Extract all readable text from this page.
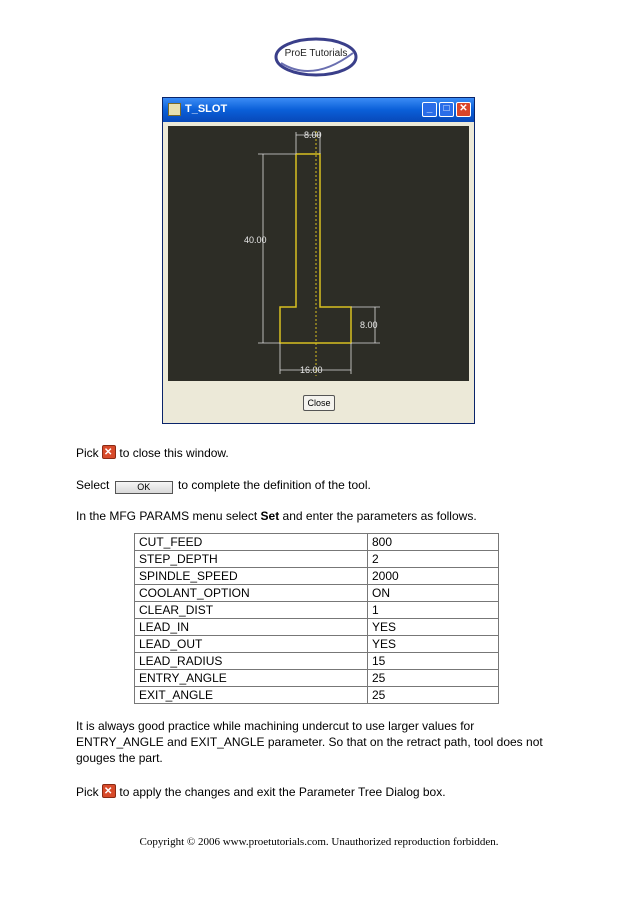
ProE Tutorials
T_SLOT	_	□ ✕
8.00
40.00
8.00
16.00
Close
Pick ✕ to close this window.
Select	OK to complete the definition of the tool.
In the MFG PARAMS menu select Set and enter the parameters as follows.
CUT_FEED	800
STEP_DEPTH	2
SPINDLE_SPEED	2000
COOLANT_OPTION	ON
CLEAR_DIST	1
LEAD_IN	YES
LEAD_OUT	YES
LEAD_RADIUS	15
ENTRY_ANGLE	25
EXIT_ANGLE	25
It is always good practice while machining undercut to use larger values for
ENTRY_ANGLE and EXIT_ANGLE parameter. So that on the retract path, tool does not
gouges the part.
Pick ✕ to apply the changes and exit the Parameter Tree Dialog box.
Copyright © 2006 www.proetutorials.com. Unauthorized reproduction forbidden.
